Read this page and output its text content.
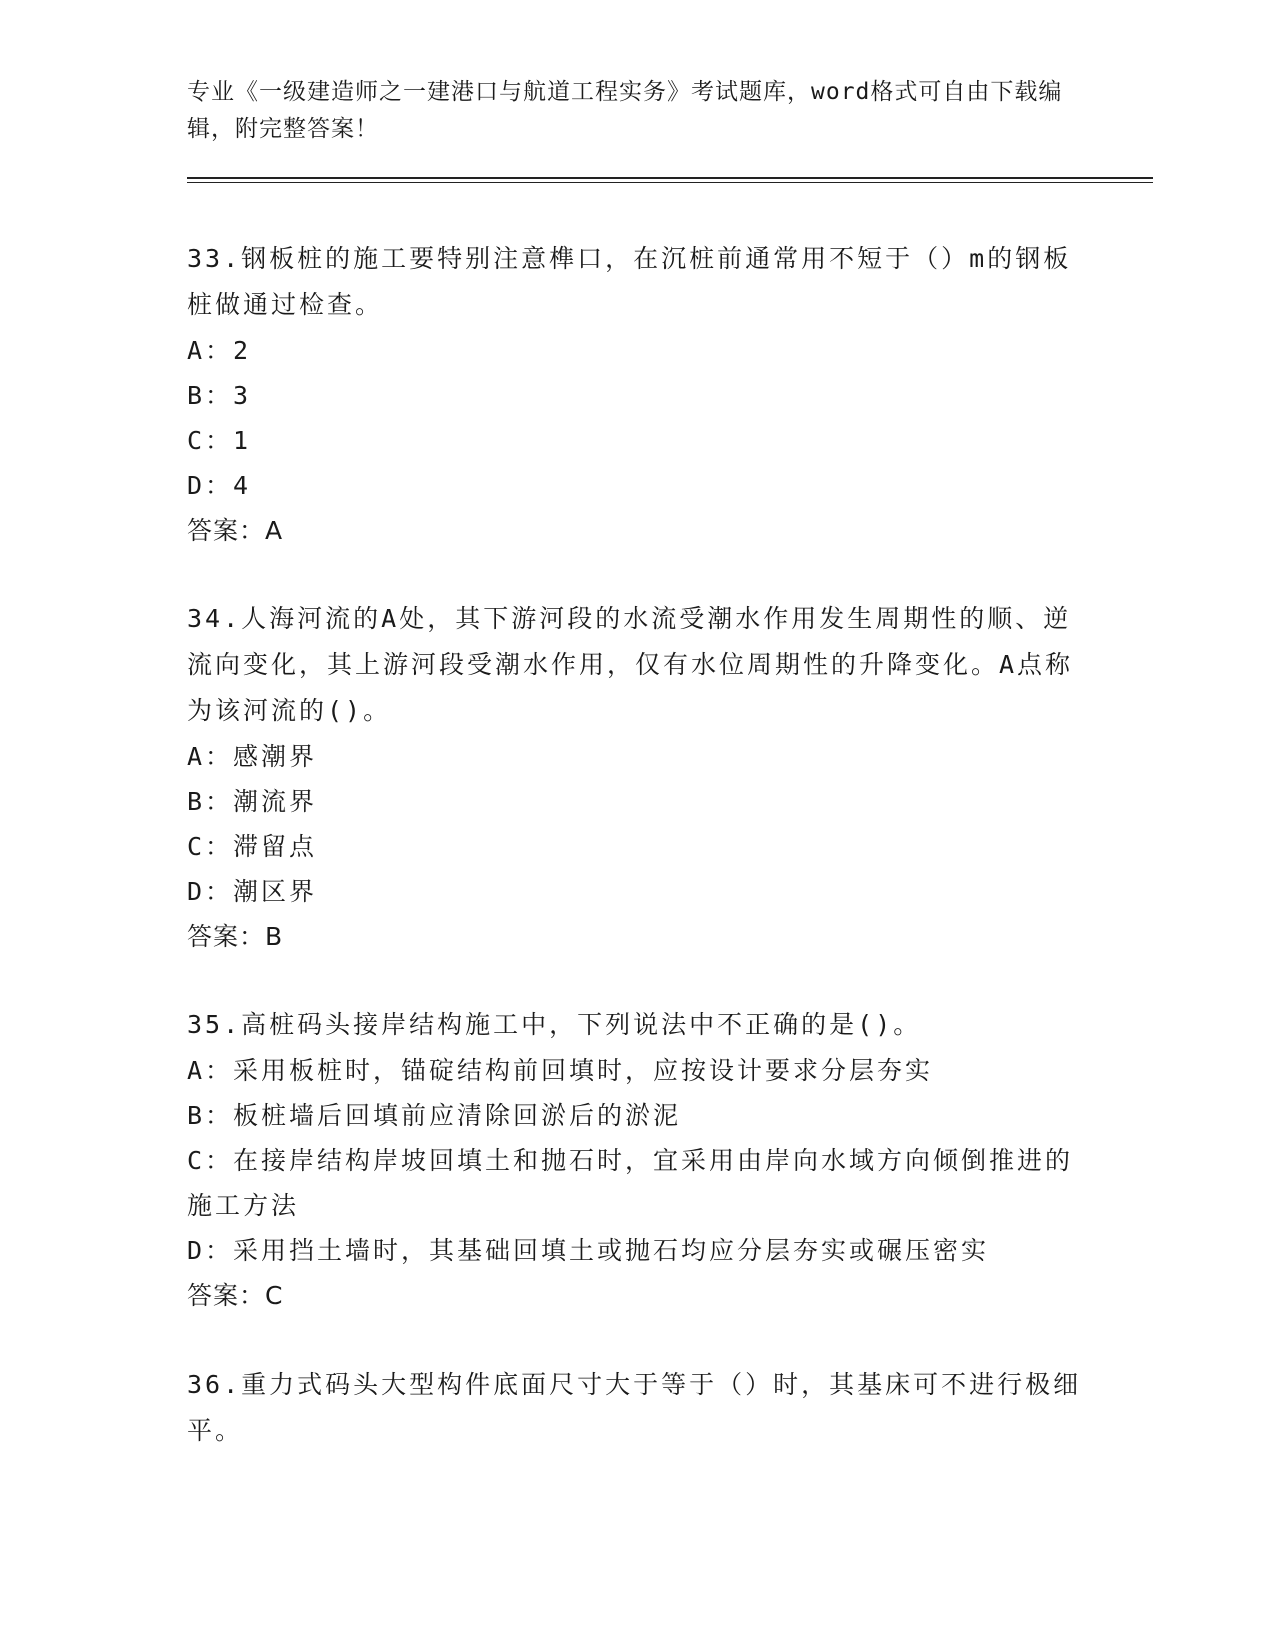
专业《一级建造师之一建港口与航道工程实务》考试题库，word格式可自由下载编辑，附完整答案！

33.钢板桩的施工要特别注意榫口，在沉桩前通常用不短于（）m的钢板桩做通过检查。

A：2
B：3
C：1
D：4

答案：A

34.人海河流的A处，其下游河段的水流受潮水作用发生周期性的顺、逆流向变化，其上游河段受潮水作用，仅有水位周期性的升降变化。A点称为该河流的()。

A：感潮界
B：潮流界
C：滞留点
D：潮区界

答案：B

35.高桩码头接岸结构施工中，下列说法中不正确的是()。

A：采用板桩时，锚碇结构前回填时，应按设计要求分层夯实
B：板桩墙后回填前应清除回淤后的淤泥
C：在接岸结构岸坡回填土和抛石时，宜采用由岸向水域方向倾倒推进的施工方法
D：采用挡土墙时，其基础回填土或抛石均应分层夯实或碾压密实

答案：C

36.重力式码头大型构件底面尺寸大于等于（）时，其基床可不进行极细平。
